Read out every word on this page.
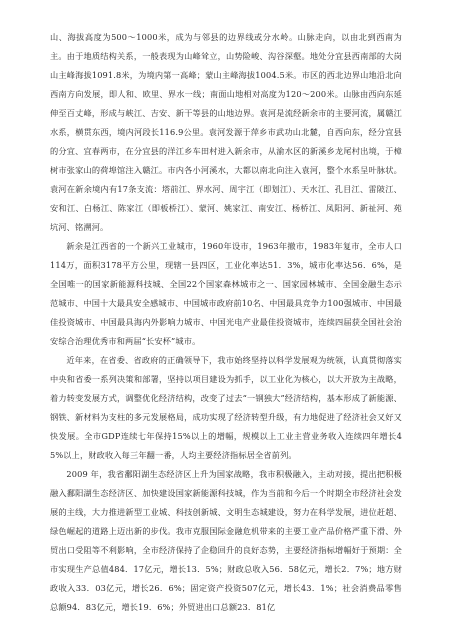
山、海拔高度为500～1000米，成为与邻县的边界线或分水岭。山脉走向，以由北到西南为主。由于地质结构关系，一般表现为山峰耸立，山势险峻、沟谷深壑。地处分宜县西南部的大岗山主峰海拔1091.8米，为境内第一高峰；蒙山主峰海拔1004.5米。市区的西北边界山地沿北向西南方向发展，即人和、欧里、界水一线；南面山地相对高度为120～200米。山脉由西向东延伸至百丈峰，形成与峡江、吉安、新干等县的山地边界。袁河是流经新余市的主要河流，属赣江水系，横贯东西，境内河段长116.9公里。袁河发源于萍乡市武功山北麓，自西向东，经分宜县的分宜、宜春两市，在分宜县的洋江乡车田村进入新余市，从渝水区的新溪乡龙尾村出境，于樟树市张家山的荷埠馆注入赣江。市内各小河溪水，大都以南北向注入袁河，整个水系呈叶脉状。袁河在新余境内有17条支流：塔前江、界水河、周宇江（即划江）、天水江、孔目江、雷陂江、安和江、白杨江、陈家江（即板桥江）、蒙河、姚家江、南安江、杨桥江、凤阳河、新祉河、苑坑河、铭溯河。

新余是江西省的一个新兴工业城市，1960年设市，1963年撤市，1983年复市，全市人口114万，面积3178平方公里，现辖一县四区，工业化率达51．3%，城市化率达56．6%，是全国唯一的国家新能源科技城、全国22个国家森林城市之一、国家园林城市、全国金融生态示范城市、中国十大最具安全感城市、中国城市政府前10名、中国最具竞争力100强城市、中国最佳投资城市、中国最具海内外影响力城市、中国光电产业最佳投资城市，连续四届获全国社会治安综合治理优秀市和两届“长安杯”城市。

近年来，在省委、省政府的正确领导下，我市始终坚持以科学发展观为统领，认真贯彻落实中央和省委一系列决策和部署，坚持以项目建设为抓手，以工业化为核心，以大开放为主战略，着力转变发展方式，调整优化经济结构，改变了过去“一钢独大”经济结构，基本形成了新能源、钢铁、新材料为支柱的多元发展格局，成功实现了经济转型升级，有力地促进了经济社会又好又快发展。全市GDP连续七年保持15%以上的增幅，规模以上工业主营业务收入连续四年增长45%以上，财政收入每三年翻一番，人均主要经济指标居全省前列。

2009 年，我省鄱阳湖生态经济区上升为国家战略，我市积极融入，主动对接，提出把积极融入鄱阳湖生态经济区、加快建设国家新能源科技城，作为当前和今后一个时期全市经济社会发展的主线，大力推进新型工业城、科技创新城、文明生态城建设，努力在科学发展，进位赶超、绿色崛起的道路上迈出新的步伐。我市克服国际金融危机带来的主要工业产品价格严重下滑、外贸出口受阻等不利影响，全市经济保持了企稳回升的良好态势，主要经济指标增幅好于预期：全市实现生产总值484．17亿元，增长13．5%；财政总收入56．58亿元，增长2．7%；地方财政收入33．03亿元，增长26．6%；固定资产投资507亿元，增长43．1%；社会消费品零售总额94．83亿元，增长19．6%；外贸进出口总额23．81亿
